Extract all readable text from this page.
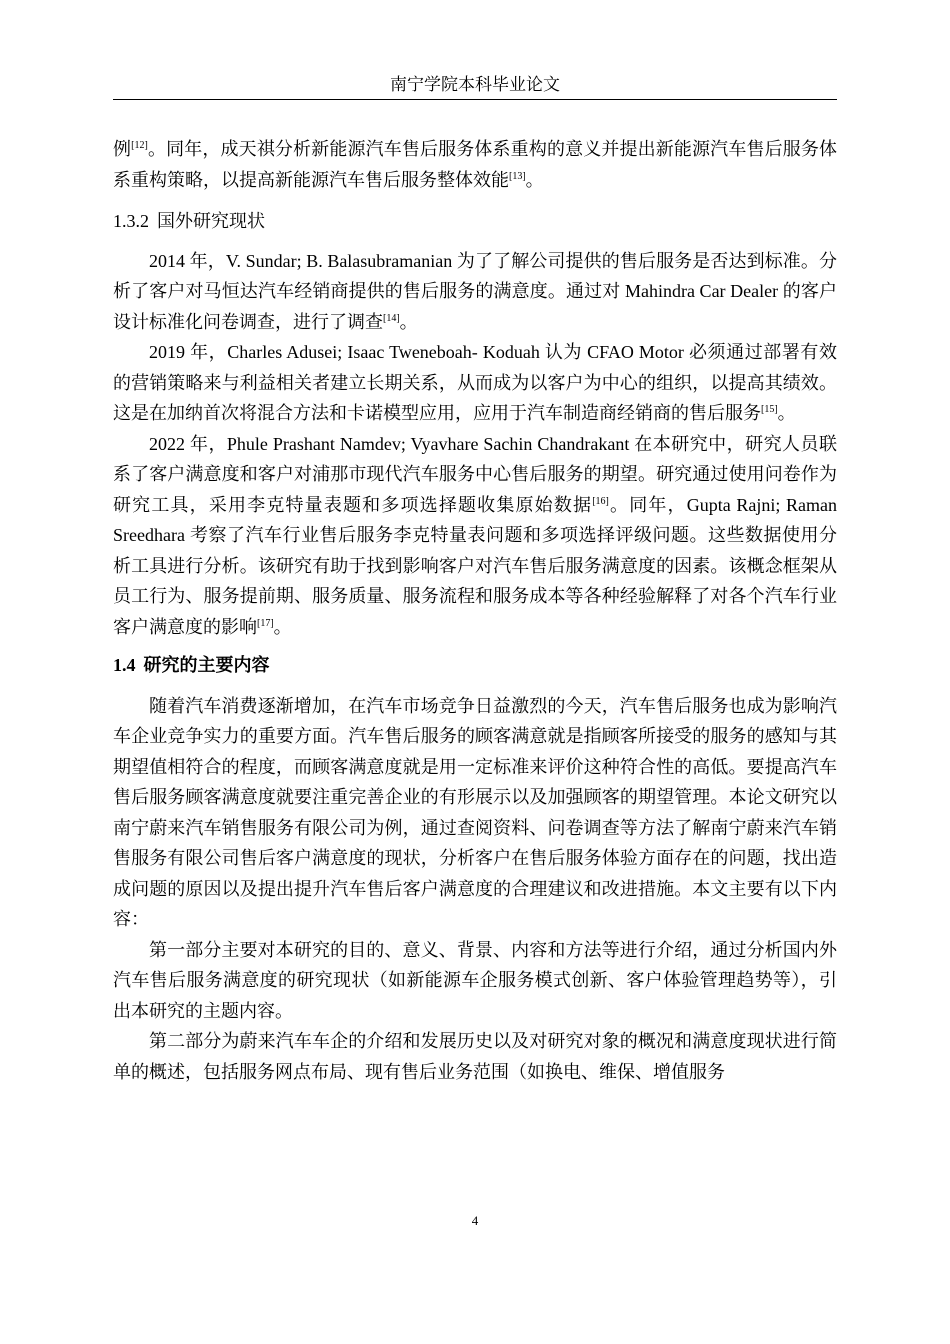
南宁学院本科毕业论文

例[12]。同年，成天祺分析新能源汽车售后服务体系重构的意义并提出新能源汽车售后服务体系重构策略，以提高新能源汽车售后服务整体效能[13]。

1.3.2 国外研究现状

2014 年，V. Sundar; B. Balasubramanian 为了了解公司提供的售后服务是否达到标准。分析了客户对马恒达汽车经销商提供的售后服务的满意度。通过对 Mahindra Car Dealer 的客户设计标准化问卷调查，进行了调查[14]。

2019 年，Charles Adusei; Isaac Tweneboah- Koduah 认为 CFAO Motor 必须通过部署有效的营销策略来与利益相关者建立长期关系，从而成为以客户为中心的组织，以提高其绩效。这是在加纳首次将混合方法和卡诺模型应用，应用于汽车制造商经销商的售后服务[15]。

2022 年，Phule Prashant Namdev; Vyavhare Sachin Chandrakant 在本研究中，研究人员联系了客户满意度和客户对浦那市现代汽车服务中心售后服务的期望。研究通过使用问卷作为研究工具，采用李克特量表题和多项选择题收集原始数据[16]。同年，Gupta Rajni; Raman Sreedhara 考察了汽车行业售后服务李克特量表问题和多项选择评级问题。这些数据使用分析工具进行分析。该研究有助于找到影响客户对汽车售后服务满意度的因素。该概念框架从员工行为、服务提前期、服务质量、服务流程和服务成本等各种经验解释了对各个汽车行业客户满意度的影响[17]。

1.4 研究的主要内容

随着汽车消费逐渐增加，在汽车市场竞争日益激烈的今天，汽车售后服务也成为影响汽车企业竞争实力的重要方面。汽车售后服务的顾客满意就是指顾客所接受的服务的感知与其期望值相符合的程度，而顾客满意度就是用一定标准来评价这种符合性的高低。要提高汽车售后服务顾客满意度就要注重完善企业的有形展示以及加强顾客的期望管理。本论文研究以南宁蔚来汽车销售服务有限公司为例，通过查阅资料、问卷调查等方法了解南宁蔚来汽车销售服务有限公司售后客户满意度的现状，分析客户在售后服务体验方面存在的问题，找出造成问题的原因以及提出提升汽车售后客户满意度的合理建议和改进措施。本文主要有以下内容：

第一部分主要对本研究的目的、意义、背景、内容和方法等进行介绍，通过分析国内外汽车售后服务满意度的研究现状（如新能源车企服务模式创新、客户体验管理趋势等），引出本研究的主题内容。

第二部分为蔚来汽车车企的介绍和发展历史以及对研究对象的概况和满意度现状进行简单的概述，包括服务网点布局、现有售后业务范围（如换电、维保、增值服务

4
